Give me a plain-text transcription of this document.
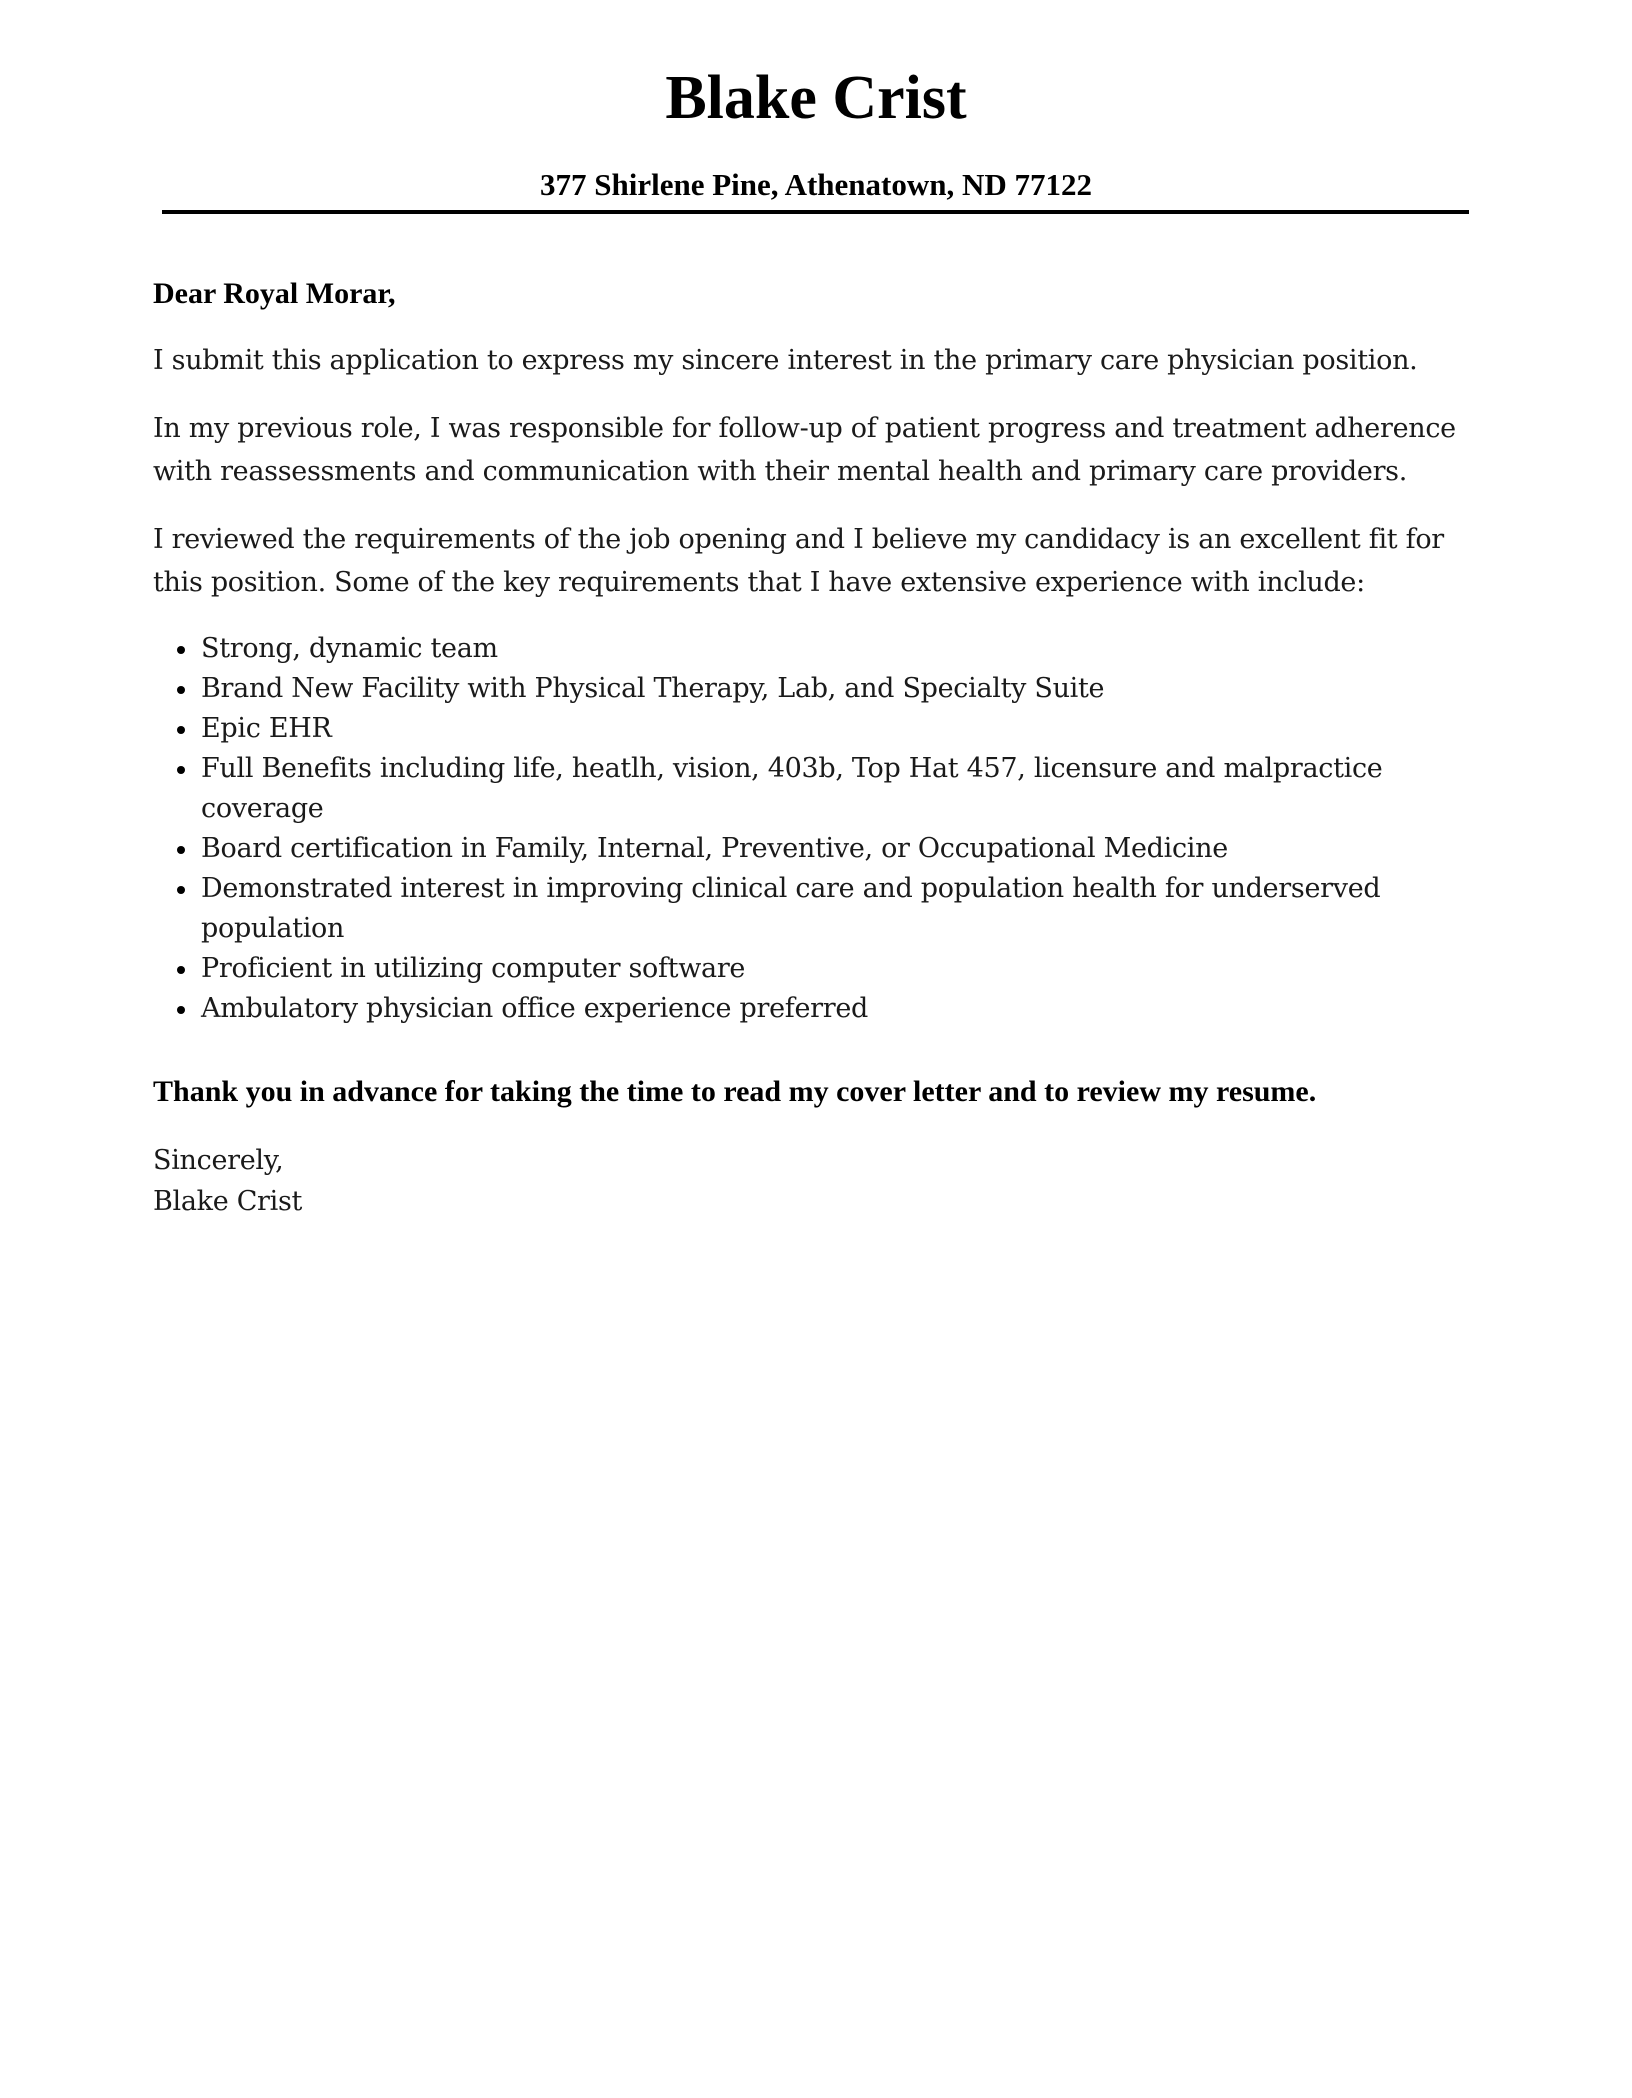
Blake Crist
377 Shirlene Pine, Athenatown, ND 77122

Dear Royal Morar,

I submit this application to express my sincere interest in the primary care physician position.

In my previous role, I was responsible for follow-up of patient progress and treatment adherence with reassessments and communication with their mental health and primary care providers.

I reviewed the requirements of the job opening and I believe my candidacy is an excellent fit for this position. Some of the key requirements that I have extensive experience with include:

Strong, dynamic team
Brand New Facility with Physical Therapy, Lab, and Specialty Suite
Epic EHR
Full Benefits including life, heatlh, vision, 403b, Top Hat 457, licensure and malpractice coverage
Board certification in Family, Internal, Preventive, or Occupational Medicine
Demonstrated interest in improving clinical care and population health for underserved population
Proficient in utilizing computer software
Ambulatory physician office experience preferred

Thank you in advance for taking the time to read my cover letter and to review my resume.

Sincerely,
Blake Crist
